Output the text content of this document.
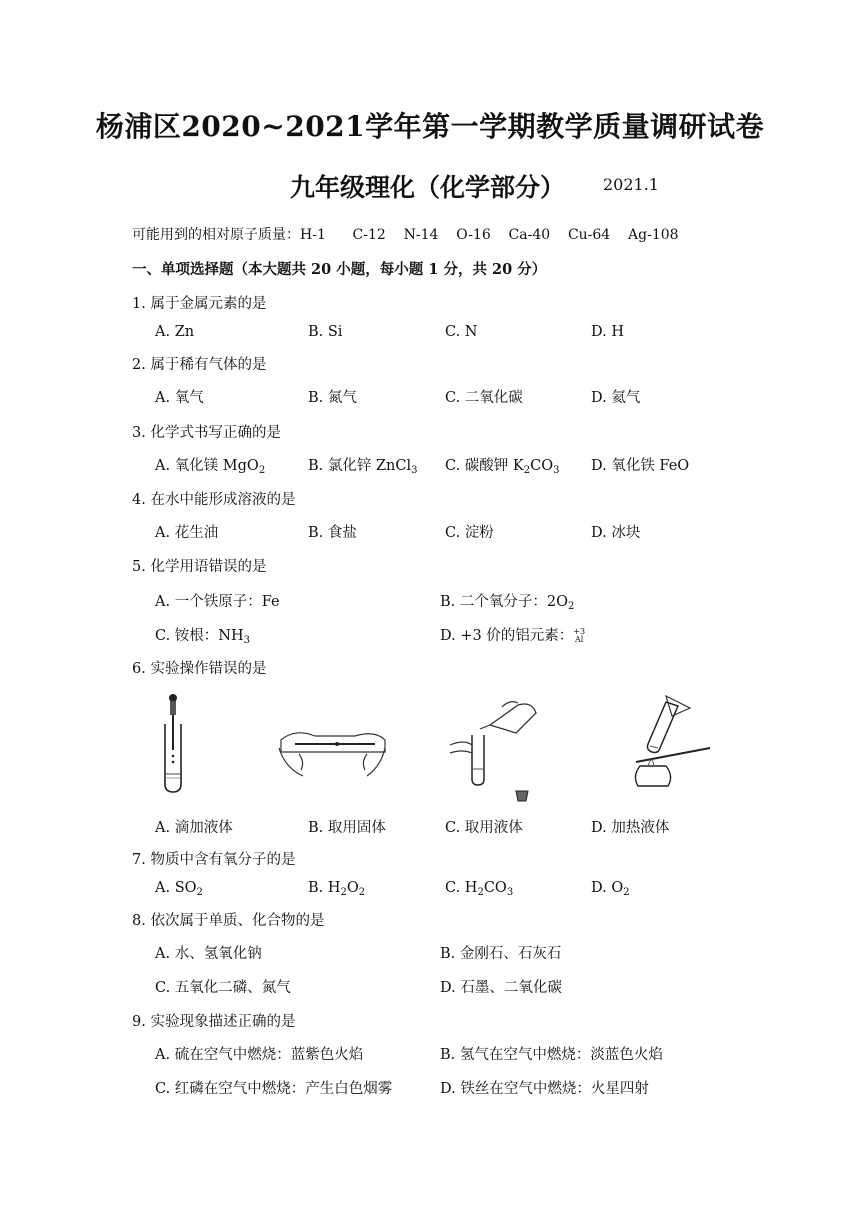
杨浦区2020~2021学年第一学期教学质量调研试卷
九年级理化（化学部分） 2021.1
可能用到的相对原子质量：H-1      C-12    N-14    O-16    Ca-40    Cu-64    Ag-108
一、单项选择题（本大题共 20 小题，每小题 1 分，共 20 分）
1. 属于金属元素的是
A. Zn	B. Si	C. N	D. H
2. 属于稀有气体的是
A. 氧气	B. 氮气	C. 二氧化碳	D. 氦气
3. 化学式书写正确的是
A. 氧化镁 MgO$_2$	B. 氯化锌 ZnCl$_3$ C. 碳酸钾 $K_2CO_3$ D. 氧化铁 FeO
4. 在水中能形成溶液的是
A. 花生油	B. 食盐	C. 淀粉	D. 冰块
5. 化学用语错误的是
A. 一个铁原子：Fe	B. 二个氧分子：$2O_2$
C. 铵根：$NH_3$	D. +3 价的铝元素：+3
Al
6. 实验操作错误的是
A. 滴加液体	B. 取用固体	C. 取用液体	D. 加热液体
7. 物质中含有氧分子的是
A. $SO_2$	B. $H_2O_2$	C. $H_2CO_3$	D. $O_2$
8. 依次属于单质、化合物的是
A. 水、氢氧化钠	B. 金刚石、石灰石
C. 五氧化二磷、氮气	D. 石墨、二氧化碳
9. 实验现象描述正确的是
A. 硫在空气中燃烧：蓝紫色火焰	B. 氢气在空气中燃烧：淡蓝色火焰
C. 红磷在空气中燃烧：产生白色烟雾	D. 铁丝在空气中燃烧：火星四射
